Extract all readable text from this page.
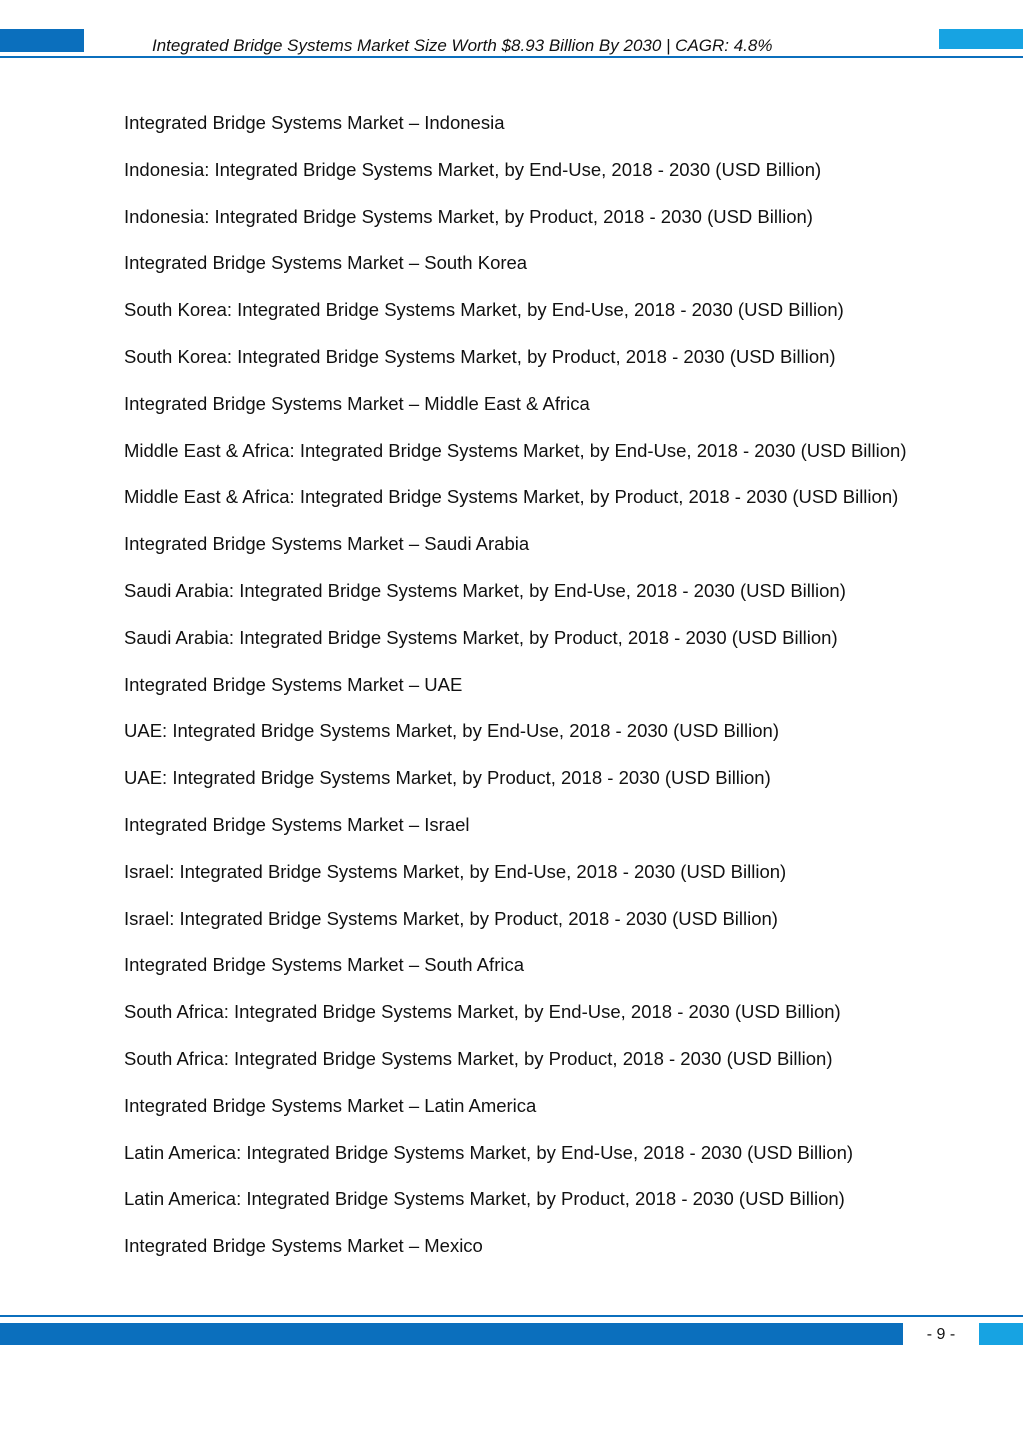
Integrated Bridge Systems Market Size Worth $8.93 Billion By 2030 | CAGR: 4.8%
Integrated Bridge Systems Market – Indonesia
Indonesia: Integrated Bridge Systems Market, by End-Use, 2018 - 2030 (USD Billion)
Indonesia: Integrated Bridge Systems Market, by Product, 2018 - 2030 (USD Billion)
Integrated Bridge Systems Market – South Korea
South Korea: Integrated Bridge Systems Market, by End-Use, 2018 - 2030 (USD Billion)
South Korea: Integrated Bridge Systems Market, by Product, 2018 - 2030 (USD Billion)
Integrated Bridge Systems Market – Middle East & Africa
Middle East & Africa: Integrated Bridge Systems Market, by End-Use, 2018 - 2030 (USD Billion)
Middle East & Africa: Integrated Bridge Systems Market, by Product, 2018 - 2030 (USD Billion)
Integrated Bridge Systems Market – Saudi Arabia
Saudi Arabia: Integrated Bridge Systems Market, by End-Use, 2018 - 2030 (USD Billion)
Saudi Arabia: Integrated Bridge Systems Market, by Product, 2018 - 2030 (USD Billion)
Integrated Bridge Systems Market – UAE
UAE: Integrated Bridge Systems Market, by End-Use, 2018 - 2030 (USD Billion)
UAE: Integrated Bridge Systems Market, by Product, 2018 - 2030 (USD Billion)
Integrated Bridge Systems Market – Israel
Israel: Integrated Bridge Systems Market, by End-Use, 2018 - 2030 (USD Billion)
Israel: Integrated Bridge Systems Market, by Product, 2018 - 2030 (USD Billion)
Integrated Bridge Systems Market – South Africa
South Africa: Integrated Bridge Systems Market, by End-Use, 2018 - 2030 (USD Billion)
South Africa: Integrated Bridge Systems Market, by Product, 2018 - 2030 (USD Billion)
Integrated Bridge Systems Market – Latin America
Latin America: Integrated Bridge Systems Market, by End-Use, 2018 - 2030 (USD Billion)
Latin America: Integrated Bridge Systems Market, by Product, 2018 - 2030 (USD Billion)
Integrated Bridge Systems Market – Mexico
- 9 -
